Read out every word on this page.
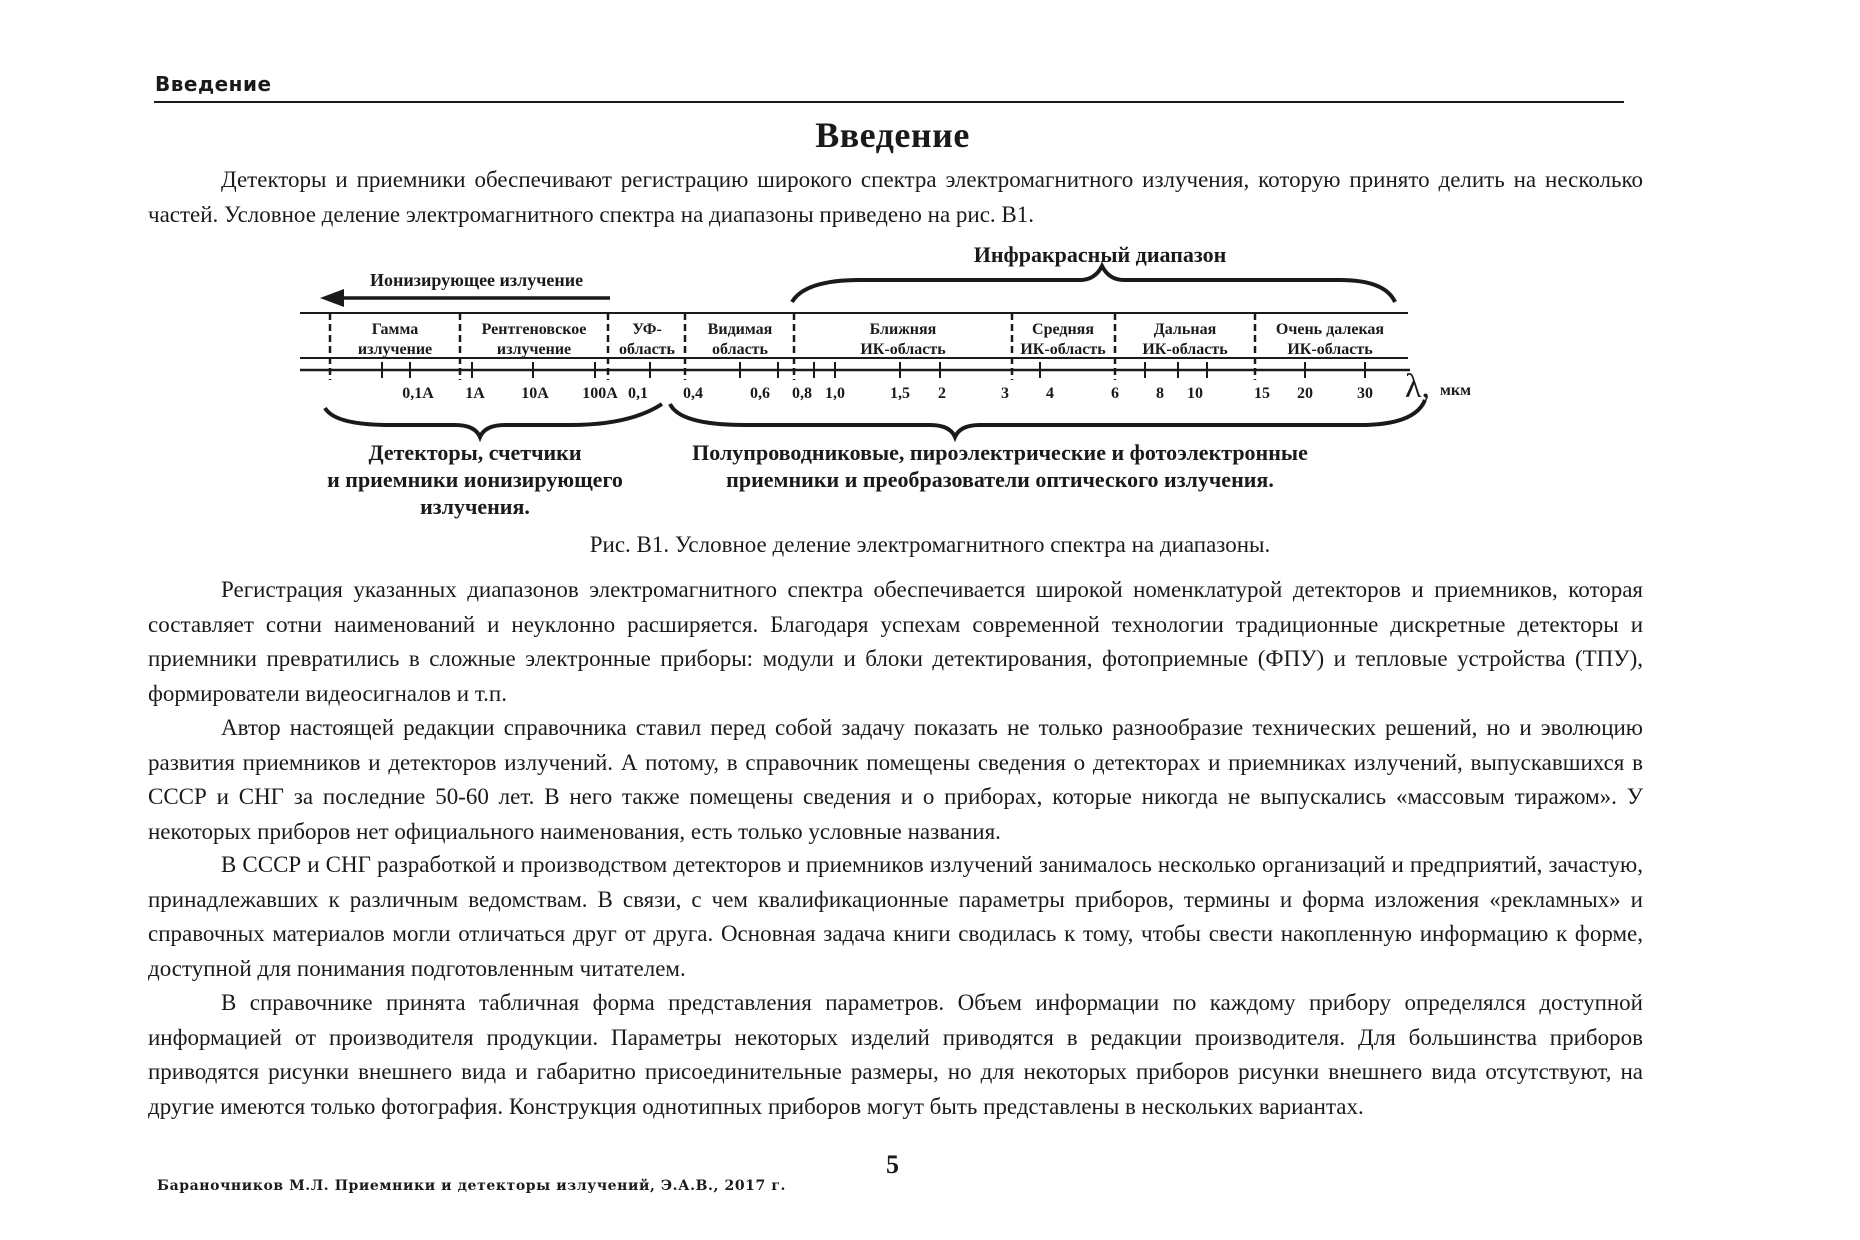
Введение
Введение

Детекторы и приемники обеспечивают регистрацию широкого спектра электромагнитного излучения, которую принято делить на несколько частей. Условное деление электромагнитного спектра на диапазоны приведено на рис. В1.

Инфракрасный диапазон
Ионизирующее излучение
Гамма
излучение
Рентгеновское
излучение
УФ-
область
Видимая
область
Ближняя
ИК-область
Средняя
ИК-область
Дальная
ИК-область
Очень далекая
ИК-область
0,1А 1А 10А 100А 0,1 0,4	0,6 0,8 1,0	1,5 2	3 4	6 8 10	15 20	30 λ, мкм
Детекторы, счетчики
и приемники ионизирующего
излучения.
Полупроводниковые, пироэлектрические и фотоэлектронные
приемники и преобразователи оптического излучения.
Рис. В1. Условное деление электромагнитного спектра на диапазоны.

Регистрация указанных диапазонов электромагнитного спектра обеспечивается широкой номенклатурой детекторов и приемников, которая составляет сотни наименований и неуклонно расширяется. Благодаря успехам современной технологии традиционные дискретные детекторы и приемники превратились в сложные электронные приборы: модули и блоки детектирования, фотоприемные (ФПУ) и тепловые устройства (ТПУ), формирователи видеосигналов и т.п.

Автор настоящей редакции справочника ставил перед собой задачу показать не только разнообразие технических решений, но и эволюцию развития приемников и детекторов излучений. А потому, в справочник помещены сведения о детекторах и приемниках излучений, выпускавшихся в СССР и СНГ за последние 50-60 лет. В него также помещены сведения и о приборах, которые никогда не выпускались «массовым тиражом». У некоторых приборов нет официального наименования, есть только условные названия.

В СССР и СНГ разработкой и производством детекторов и приемников излучений занималось несколько организаций и предприятий, зачастую, принадлежавших к различным ведомствам. В связи, с чем квалификационные параметры приборов, термины и форма изложения «рекламных» и справочных материалов могли отличаться друг от друга. Основная задача книги сводилась к тому, чтобы свести накопленную информацию к форме, доступной для понимания подготовленным читателем.

В справочнике принята табличная форма представления параметров. Объем информации по каждому прибору определялся доступной информацией от производителя продукции. Параметры некоторых изделий приводятся в редакции производителя. Для большинства приборов приводятся рисунки внешнего вида и габаритно присоединительные размеры, но для некоторых приборов рисунки внешнего вида отсутствуют, на другие имеются только фотография. Конструкция однотипных приборов могут быть представлены в нескольких вариантах.

5
Бараночников М.Л. Приемники и детекторы излучений, Э.А.В., 2017 г.
